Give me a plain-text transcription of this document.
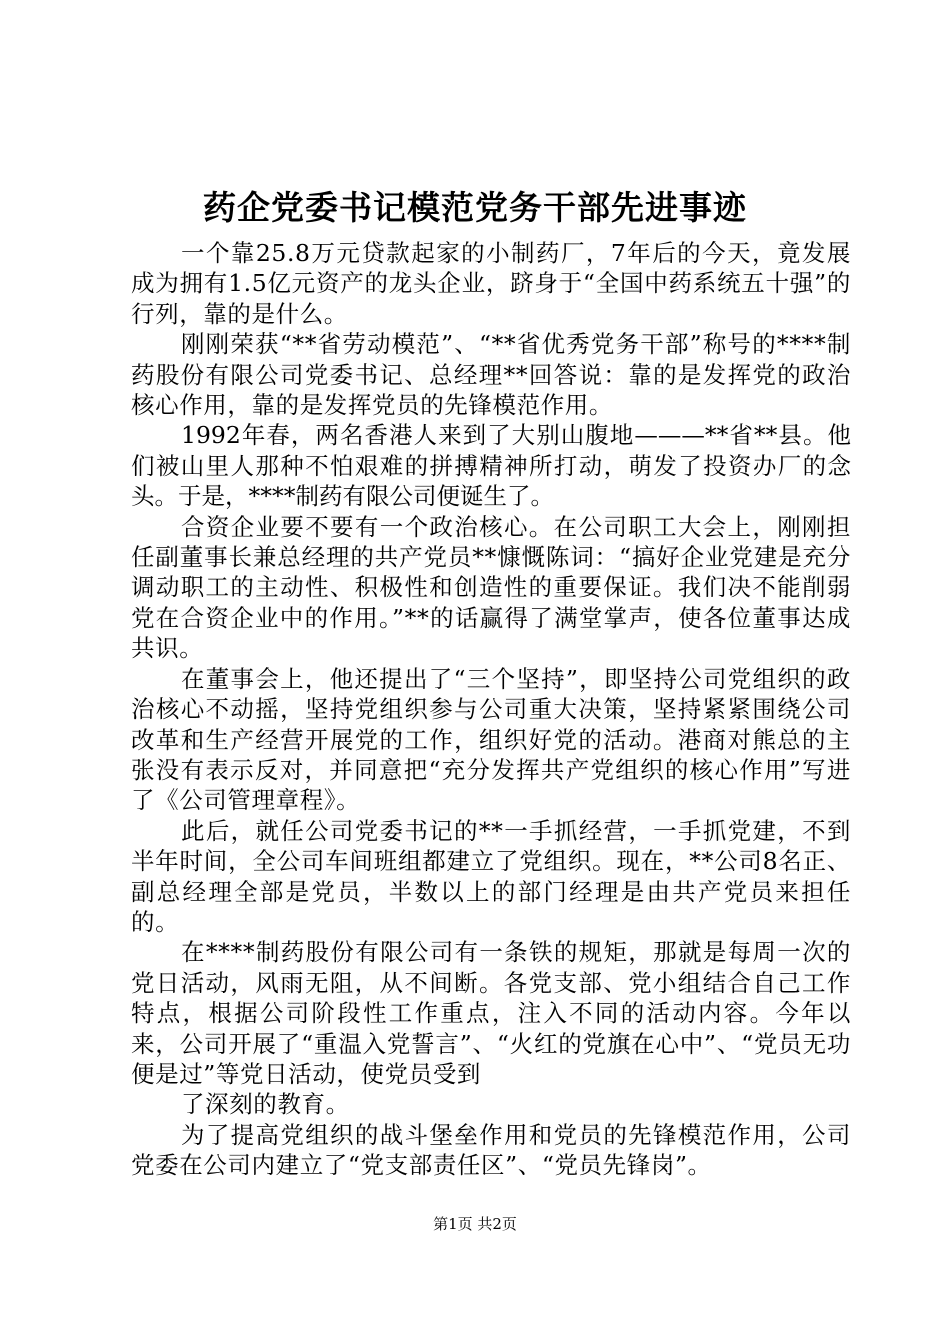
药企党委书记模范党务干部先进事迹

一个靠25.8万元贷款起家的小制药厂，7年后的今天，竟发展成为拥有1.5亿元资产的龙头企业，跻身于“全国中药系统五十强”的行列，靠的是什么。

刚刚荣获“**省劳动模范”、“**省优秀党务干部”称号的****制药股份有限公司党委书记、总经理**回答说：靠的是发挥党的政治核心作用，靠的是发挥党员的先锋模范作用。

1992年春，两名香港人来到了大别山腹地———**省**县。他们被山里人那种不怕艰难的拼搏精神所打动，萌发了投资办厂的念头。于是，****制药有限公司便诞生了。

合资企业要不要有一个政治核心。在公司职工大会上，刚刚担任副董事长兼总经理的共产党员**慷慨陈词：“搞好企业党建是充分调动职工的主动性、积极性和创造性的重要保证。我们决不能削弱党在合资企业中的作用。”**的话赢得了满堂掌声，使各位董事达成共识。

在董事会上，他还提出了“三个坚持”，即坚持公司党组织的政治核心不动摇，坚持党组织参与公司重大决策，坚持紧紧围绕公司改革和生产经营开展党的工作，组织好党的活动。港商对熊总的主张没有表示反对，并同意把“充分发挥共产党组织的核心作用”写进了《公司管理章程》。

此后，就任公司党委书记的**一手抓经营，一手抓党建，不到半年时间，全公司车间班组都建立了党组织。现在，**公司8名正、副总经理全部是党员，半数以上的部门经理是由共产党员来担任的。

在****制药股份有限公司有一条铁的规矩，那就是每周一次的党日活动，风雨无阻，从不间断。各党支部、党小组结合自己工作特点，根据公司阶段性工作重点，注入不同的活动内容。今年以来，公司开展了“重温入党誓言”、“火红的党旗在心中”、“党员无功便是过”等党日活动，使党员受到

了深刻的教育。

为了提高党组织的战斗堡垒作用和党员的先锋模范作用，公司党委在公司内建立了“党支部责任区”、“党员先锋岗”。

第1页 共2页
